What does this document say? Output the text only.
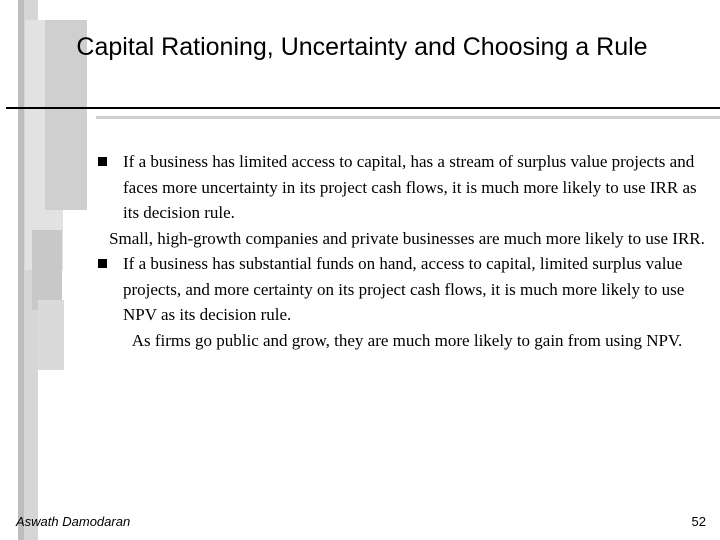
Capital Rationing, Uncertainty and Choosing a Rule
If a business has limited access to capital, has a stream of surplus value projects and faces more uncertainty in its project cash flows, it is much more likely to use IRR as its decision rule.
Small, high-growth companies and private businesses are much more likely to use IRR.
If a business has substantial funds on hand, access to capital, limited surplus value projects, and more certainty on its project cash flows, it is much more likely to use NPV as its decision rule.
As firms go public and grow, they are much more likely to gain from using NPV.
Aswath Damodaran	52
